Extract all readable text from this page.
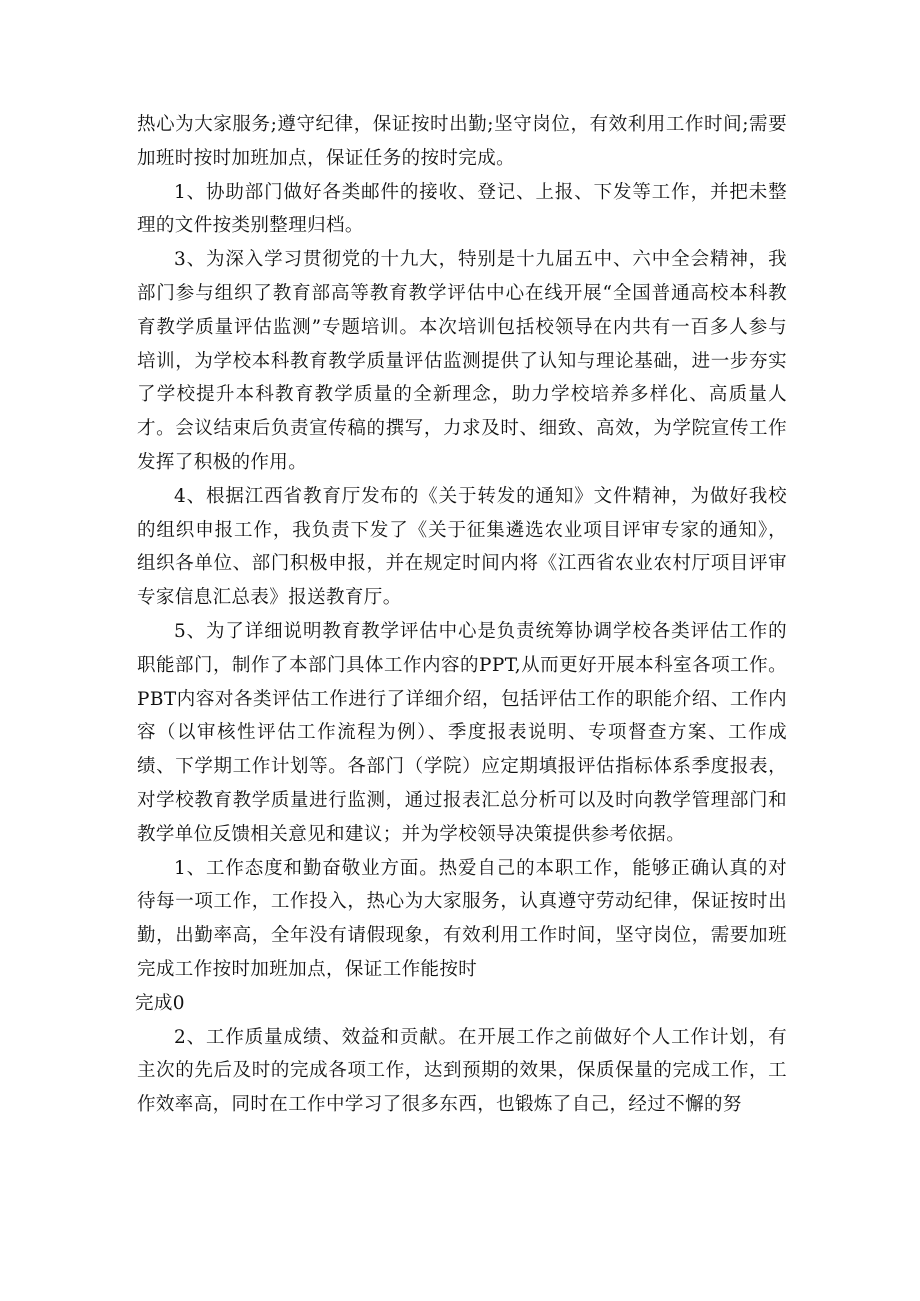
热心为大家服务;遵守纪律，保证按时出勤;坚守岗位，有效利用工作时间;需要加班时按时加班加点，保证任务的按时完成。

1、协助部门做好各类邮件的接收、登记、上报、下发等工作，并把未整理的文件按类别整理归档。

3、为深入学习贯彻党的十九大，特别是十九届五中、六中全会精神，我部门参与组织了教育部高等教育教学评估中心在线开展“全国普通高校本科教育教学质量评估监测”专题培训。本次培训包括校领导在内共有一百多人参与培训，为学校本科教育教学质量评估监测提供了认知与理论基础，进一步夯实了学校提升本科教育教学质量的全新理念，助力学校培养多样化、高质量人才。会议结束后负责宣传稿的撰写，力求及时、细致、高效，为学院宣传工作发挥了积极的作用。

4、根据江西省教育厅发布的《关于转发的通知》文件精神，为做好我校的组织申报工作，我负责下发了《关于征集遴选农业项目评审专家的通知》，组织各单位、部门积极申报，并在规定时间内将《江西省农业农村厅项目评审专家信息汇总表》报送教育厅。

5、为了详细说明教育教学评估中心是负责统筹协调学校各类评估工作的职能部门，制作了本部门具体工作内容的PPT,从而更好开展本科室各项工作。PBT内容对各类评估工作进行了详细介绍，包括评估工作的职能介绍、工作内容（以审核性评估工作流程为例）、季度报表说明、专项督查方案、工作成绩、下学期工作计划等。各部门（学院）应定期填报评估指标体系季度报表，对学校教育教学质量进行监测，通过报表汇总分析可以及时向教学管理部门和教学单位反馈相关意见和建议；并为学校领导决策提供参考依据。

1、工作态度和勤奋敬业方面。热爱自己的本职工作，能够正确认真的对待每一项工作，工作投入，热心为大家服务，认真遵守劳动纪律，保证按时出勤，出勤率高，全年没有请假现象，有效利用工作时间，坚守岗位，需要加班完成工作按时加班加点，保证工作能按时

完成0

2、工作质量成绩、效益和贡献。在开展工作之前做好个人工作计划，有主次的先后及时的完成各项工作，达到预期的效果，保质保量的完成工作，工作效率高，同时在工作中学习了很多东西，也锻炼了自己，经过不懈的努
